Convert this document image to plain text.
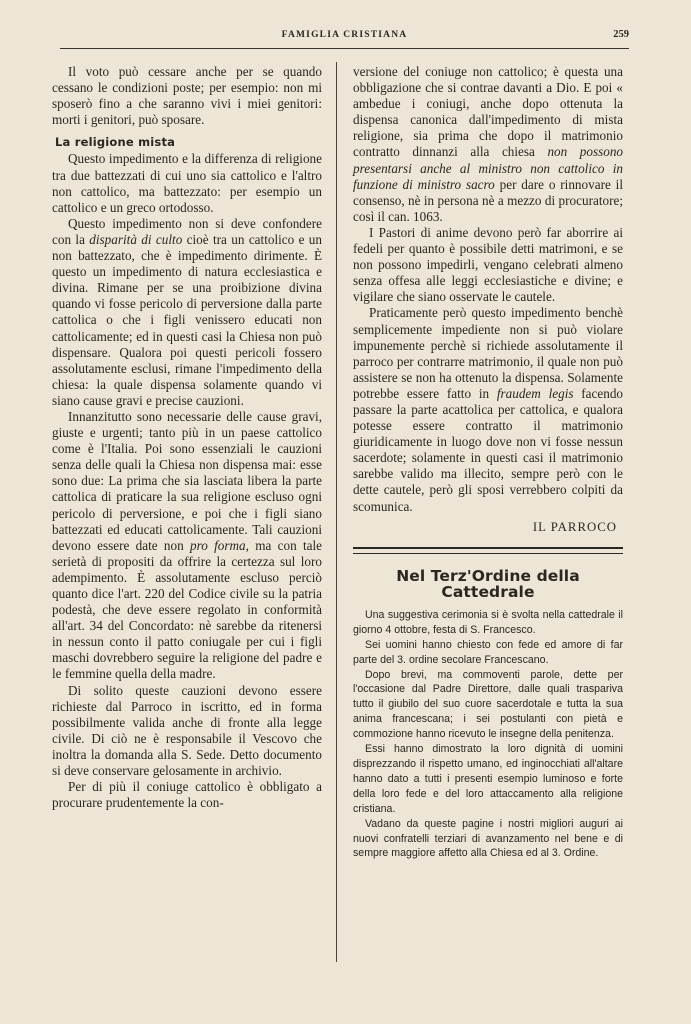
FAMIGLIA CRISTIANA	259

Il voto può cessare anche per se quando cessano le condizioni poste; per esempio: non mi sposerò fino a che saranno vivi i miei genitori: morti i genitori, può sposare.

La religione mista

Questo impedimento e la differenza di religione tra due battezzati di cui uno sia cattolico e l'altro non cattolico, ma battezzato: per esempio un cattolico e un greco ortodosso.

Questo impedimento non si deve confondere con la disparità di culto cioè tra un cattolico e un non battezzato, che è impedimento dirimente. È questo un impedimento di natura ecclesiastica e divina. Rimane per se una proibizione divina quando vi fosse pericolo di perversione dalla parte cattolica o che i figli venissero educati non cattolicamente; ed in questi casi la Chiesa non può dispensare. Qualora poi questi pericoli fossero assolutamente esclusi, rimane l'impedimento della chiesa: la quale dispensa solamente quando vi siano cause gravi e precise cauzioni.

Innanzitutto sono necessarie delle cause gravi, giuste e urgenti; tanto più in un paese cattolico come è l'Italia. Poi sono essenziali le cauzioni senza delle quali la Chiesa non dispensa mai: esse sono due: La prima che sia lasciata libera la parte cattolica di praticare la sua religione escluso ogni pericolo di perversione, e poi che i figli siano battezzati ed educati cattolicamente. Tali cauzioni devono essere date non pro forma, ma con tale serietà di propositi da offrire la certezza sul loro adempimento. È assolutamente escluso perciò quanto dice l'art. 220 del Codice civile su la patria podestà, che deve essere regolato in conformità all'art. 34 del Concordato: nè sarebbe da ritenersi in nessun conto il patto coniugale per cui i figli maschi dovrebbero seguire la religione del padre e le femmine quella della madre.

Di solito queste cauzioni devono essere richieste dal Parroco in iscritto, ed in forma possibilmente valida anche di fronte alla legge civile. Di ciò ne è responsabile il Vescovo che inoltra la domanda alla S. Sede. Detto documento si deve conservare gelosamente in archivio.

Per di più il coniuge cattolico è obbligato a procurare prudentemente la con-

versione del coniuge non cattolico; è questa una obbligazione che si contrae davanti a Dio. E poi « ambedue i coniugi, anche dopo ottenuta la dispensa canonica dall'impedimento di mista religione, sia prima che dopo il matrimonio contratto dinnanzi alla chiesa non possono presentarsi anche al ministro non cattolico in funzione di ministro sacro per dare o rinnovare il consenso, nè in persona nè a mezzo di procuratore; così il can. 1063.

I Pastori di anime devono però far aborrire ai fedeli per quanto è possibile detti matrimoni, e se non possono impedirli, vengano celebrati almeno senza offesa alle leggi ecclesiastiche e divine; e vigilare che siano osservate le cautele.

Praticamente però questo impedimento benchè semplicemente impediente non si può violare impunemente perchè si richiede assolutamente il parroco per contrarre matrimonio, il quale non può assistere se non ha ottenuto la dispensa. Solamente potrebbe essere fatto in fraudem legis facendo passare la parte acattolica per cattolica, e qualora potesse essere contratto il matrimonio giuridicamente in luogo dove non vi fosse nessun sacerdote; solamente in questi casi il matrimonio sarebbe valido ma illecito, sempre però con le dette cautele, però gli sposi verrebbero colpiti da scomunica.

IL PARROCO

Nel Terz'Ordine della Cattedrale

Una suggestiva cerimonia si è svolta nella cattedrale il giorno 4 ottobre, festa di S. Francesco.

Sei uomini hanno chiesto con fede ed amore di far parte del 3. ordine secolare Francescano.

Dopo brevi, ma commoventi parole, dette per l'occasione dal Padre Direttore, dalle quali traspariva tutto il giubilo del suo cuore sacerdotale e tutta la sua anima francescana; i sei postulanti con pietà e commozione hanno ricevuto le insegne della penitenza.

Essi hanno dimostrato la loro dignità di uomini disprezzando il rispetto umano, ed inginocchiati all'altare hanno dato a tutti i presenti esempio luminoso e forte della loro fede e del loro attaccamento alla religione cristiana.

Vadano da queste pagine i nostri migliori auguri ai nuovi confratelli terziari di avanzamento nel bene e di sempre maggiore affetto alla Chiesa ed al 3. Ordine.
